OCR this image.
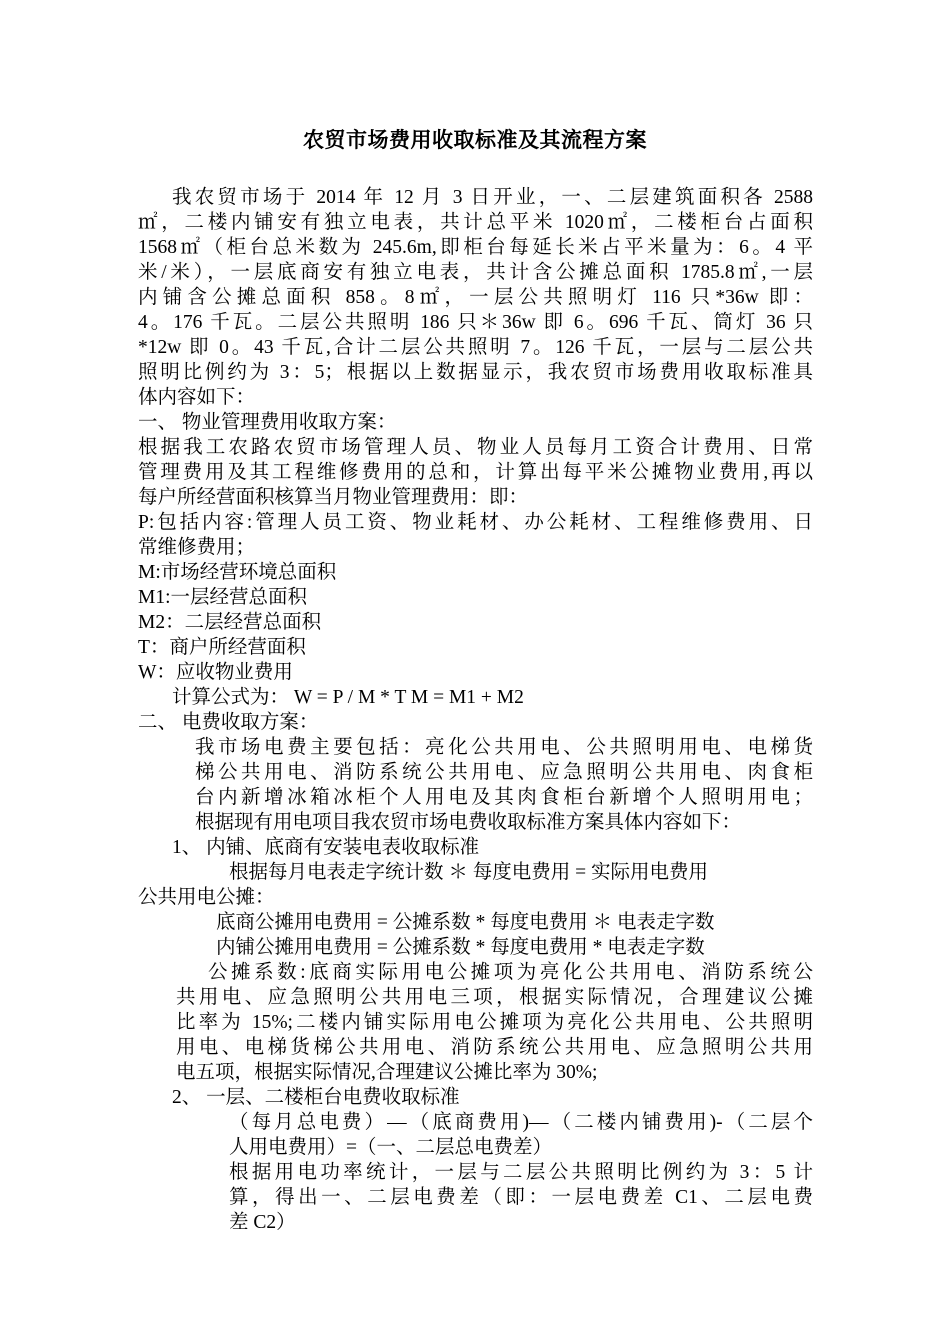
农贸市场费用收取标准及其流程方案
我农贸市场于 2014 年 12 月 3 日开业，一、二层建筑面积各 2588
㎡，二楼内铺安有独立电表，共计总平米 1020㎡，二楼柜台占面积
1568㎡（柜台总米数为 245.6m,即柜台每延长米占平米量为：6。4 平
米/米），一层底商安有独立电表，共计含公摊总面积 1785.8㎡,一层
内铺含公摊总面积 858。8㎡，一层公共照明灯 116 只*36w 即：
4。176 千瓦。二层公共照明 186 只＊36w 即 6。696 千瓦、筒灯 36 只
*12w 即 0。43 千瓦,合计二层公共照明 7。126 千瓦，一层与二层公共
照明比例约为 3：5；根据以上数据显示，我农贸市场费用收取标准具
体内容如下：
一、 物业管理费用收取方案：
根据我工农路农贸市场管理人员、物业人员每月工资合计费用、日常
管理费用及其工程维修费用的总和，计算出每平米公摊物业费用,再以
每户所经营面积核算当月物业管理费用：即：
P:包括内容:管理人员工资、物业耗材、办公耗材、工程维修费用、日
常维修费用；
M:市场经营环境总面积
M1:一层经营总面积
M2：二层经营总面积
T：商户所经营面积
W：应收物业费用
计算公式为： W = P / M * T M = M1 + M2
二、 电费收取方案：
我市场电费主要包括：亮化公共用电、公共照明用电、电梯货
梯公共用电、消防系统公共用电、应急照明公共用电、肉食柜
台内新增冰箱冰柜个人用电及其肉食柜台新增个人照明用电；
根据现有用电项目我农贸市场电费收取标准方案具体内容如下：
1、 内铺、底商有安装电表收取标准
根据每月电表走字统计数 ＊ 每度电费用 = 实际用电费用
公共用电公摊：
底商公摊用电费用 = 公摊系数 * 每度电费用 ＊ 电表走字数
内铺公摊用电费用 = 公摊系数 * 每度电费用 * 电表走字数
公摊系数:底商实际用电公摊项为亮化公共用电、消防系统公
共用电、应急照明公共用电三项，根据实际情况，合理建议公摊
比率为 15%;二楼内铺实际用电公摊项为亮化公共用电、公共照明
用电、电梯货梯公共用电、消防系统公共用电、应急照明公共用
电五项，根据实际情况,合理建议公摊比率为 30%;
2、 一层、二楼柜台电费收取标准
（每月总电费）—（底商费用)—（二楼内铺费用)-（二层个
人用电费用）=（一、二层总电费差）
根据用电功率统计，一层与二层公共照明比例约为 3：5 计
算，得出一、二层电费差（即：一层电费差 C1、二层电费
差 C2）
